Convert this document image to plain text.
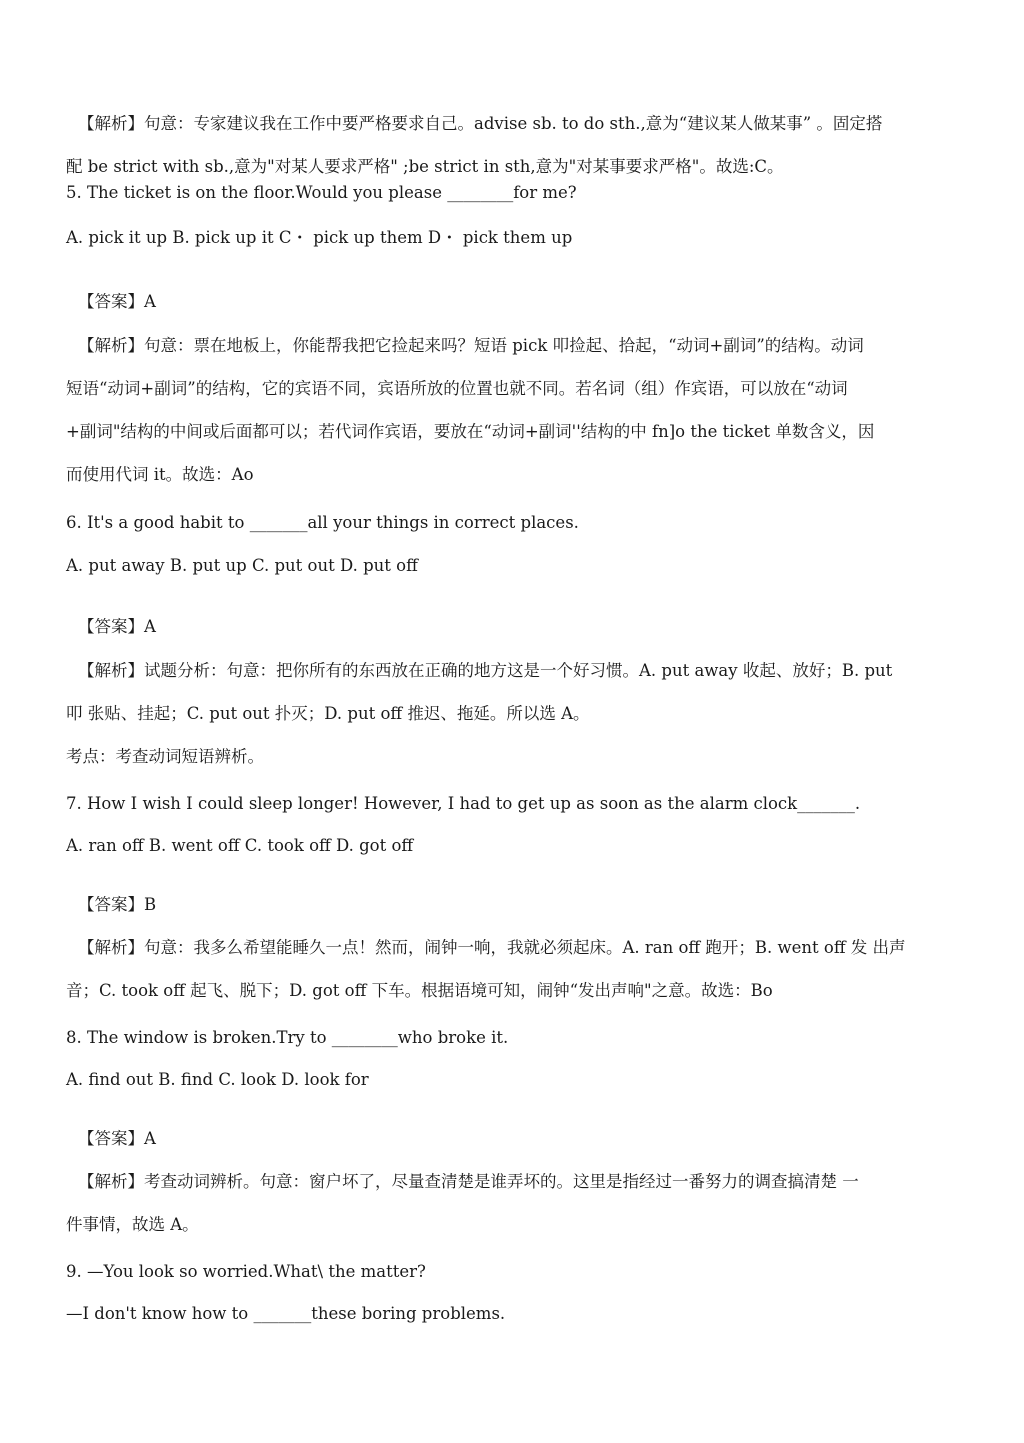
【解析】句意：专家建议我在工作中要严格要求自己。advise sb. to do sth.,意为“建议某人做某事” 。固定搭
配 be strict with sb.,意为"对某人要求严格" ;be strict in sth,意为"对某事要求严格"。故选:C。
5. The ticket is on the floor.Would you please ________for me?
A. pick it up B. pick up it C・ pick up them D・ pick them up
【答案】A
【解析】句意：票在地板上，你能帮我把它捡起来吗？短语 pick 叩捡起、拾起，“动词+副词”的结构。动词
短语“动词+副词”的结构，它的宾语不同，宾语所放的位置也就不同。若名词（组）作宾语，可以放在“动词
+副词"结构的中间或后面都可以；若代词作宾语，要放在“动词+副词''结构的中 fn]o the ticket 单数含义，因
而使用代词 it。故选：Ao
6. It's a good habit to _______all your things in correct places.
A. put away B. put up C. put out D. put off
【答案】A
【解析】试题分析：句意：把你所有的东西放在正确的地方这是一个好习惯。A. put away 收起、放好；B. put
叩 张贴、挂起；C. put out 扑灭；D. put off 推迟、拖延。所以选 A。
考点：考查动词短语辨析。
7. How I wish I could sleep longer! However, I had to get up as soon as the alarm clock_______.
A. ran off B. went off C. took off D. got off
【答案】B
【解析】句意：我多么希望能睡久一点！然而，闹钟一响，我就必须起床。A. ran off 跑开；B. went off 发 出声
音；C. took off 起飞、脱下；D. got off 下车。根据语境可知，闹钟“发出声响"之意。故选：Bo
8. The window is broken.Try to ________who broke it.
A. find out B. find C. look D. look for
【答案】A
【解析】考查动词辨析。句意：窗户坏了，尽量查清楚是谁弄坏的。这里是指经过一番努力的调查搞清楚 一
件事情，故选 A。
9. —You look so worried.What\ the matter?
—I don't know how to _______these boring problems.
